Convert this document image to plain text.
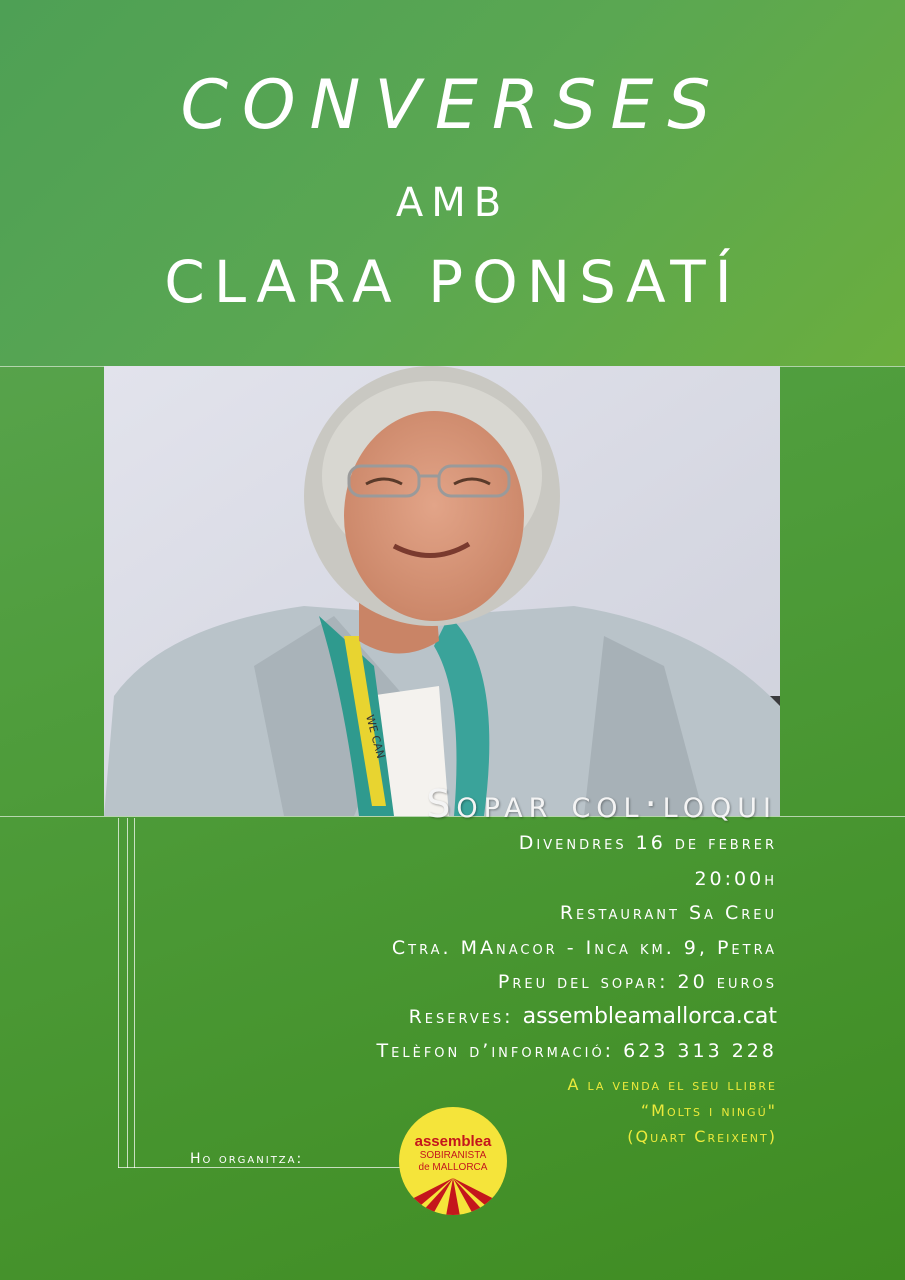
CONVERSES
AMB
CLARA PONSATÍ
WE CAN
Sopar col·loqui
Divendres 16 de febrer
20:00h
Restaurant Sa Creu
Ctra. MAnacor - Inca km. 9, Petra
Preu del sopar: 20 euros
Reserves: assembleamallorca.cat
Telèfon d’informació: 623 313 228
A la venda el seu llibre
“Molts i ningú"
(Quart Creixent)
Ho organitza:
assemblea
SOBIRANISTA
de MALLORCA
